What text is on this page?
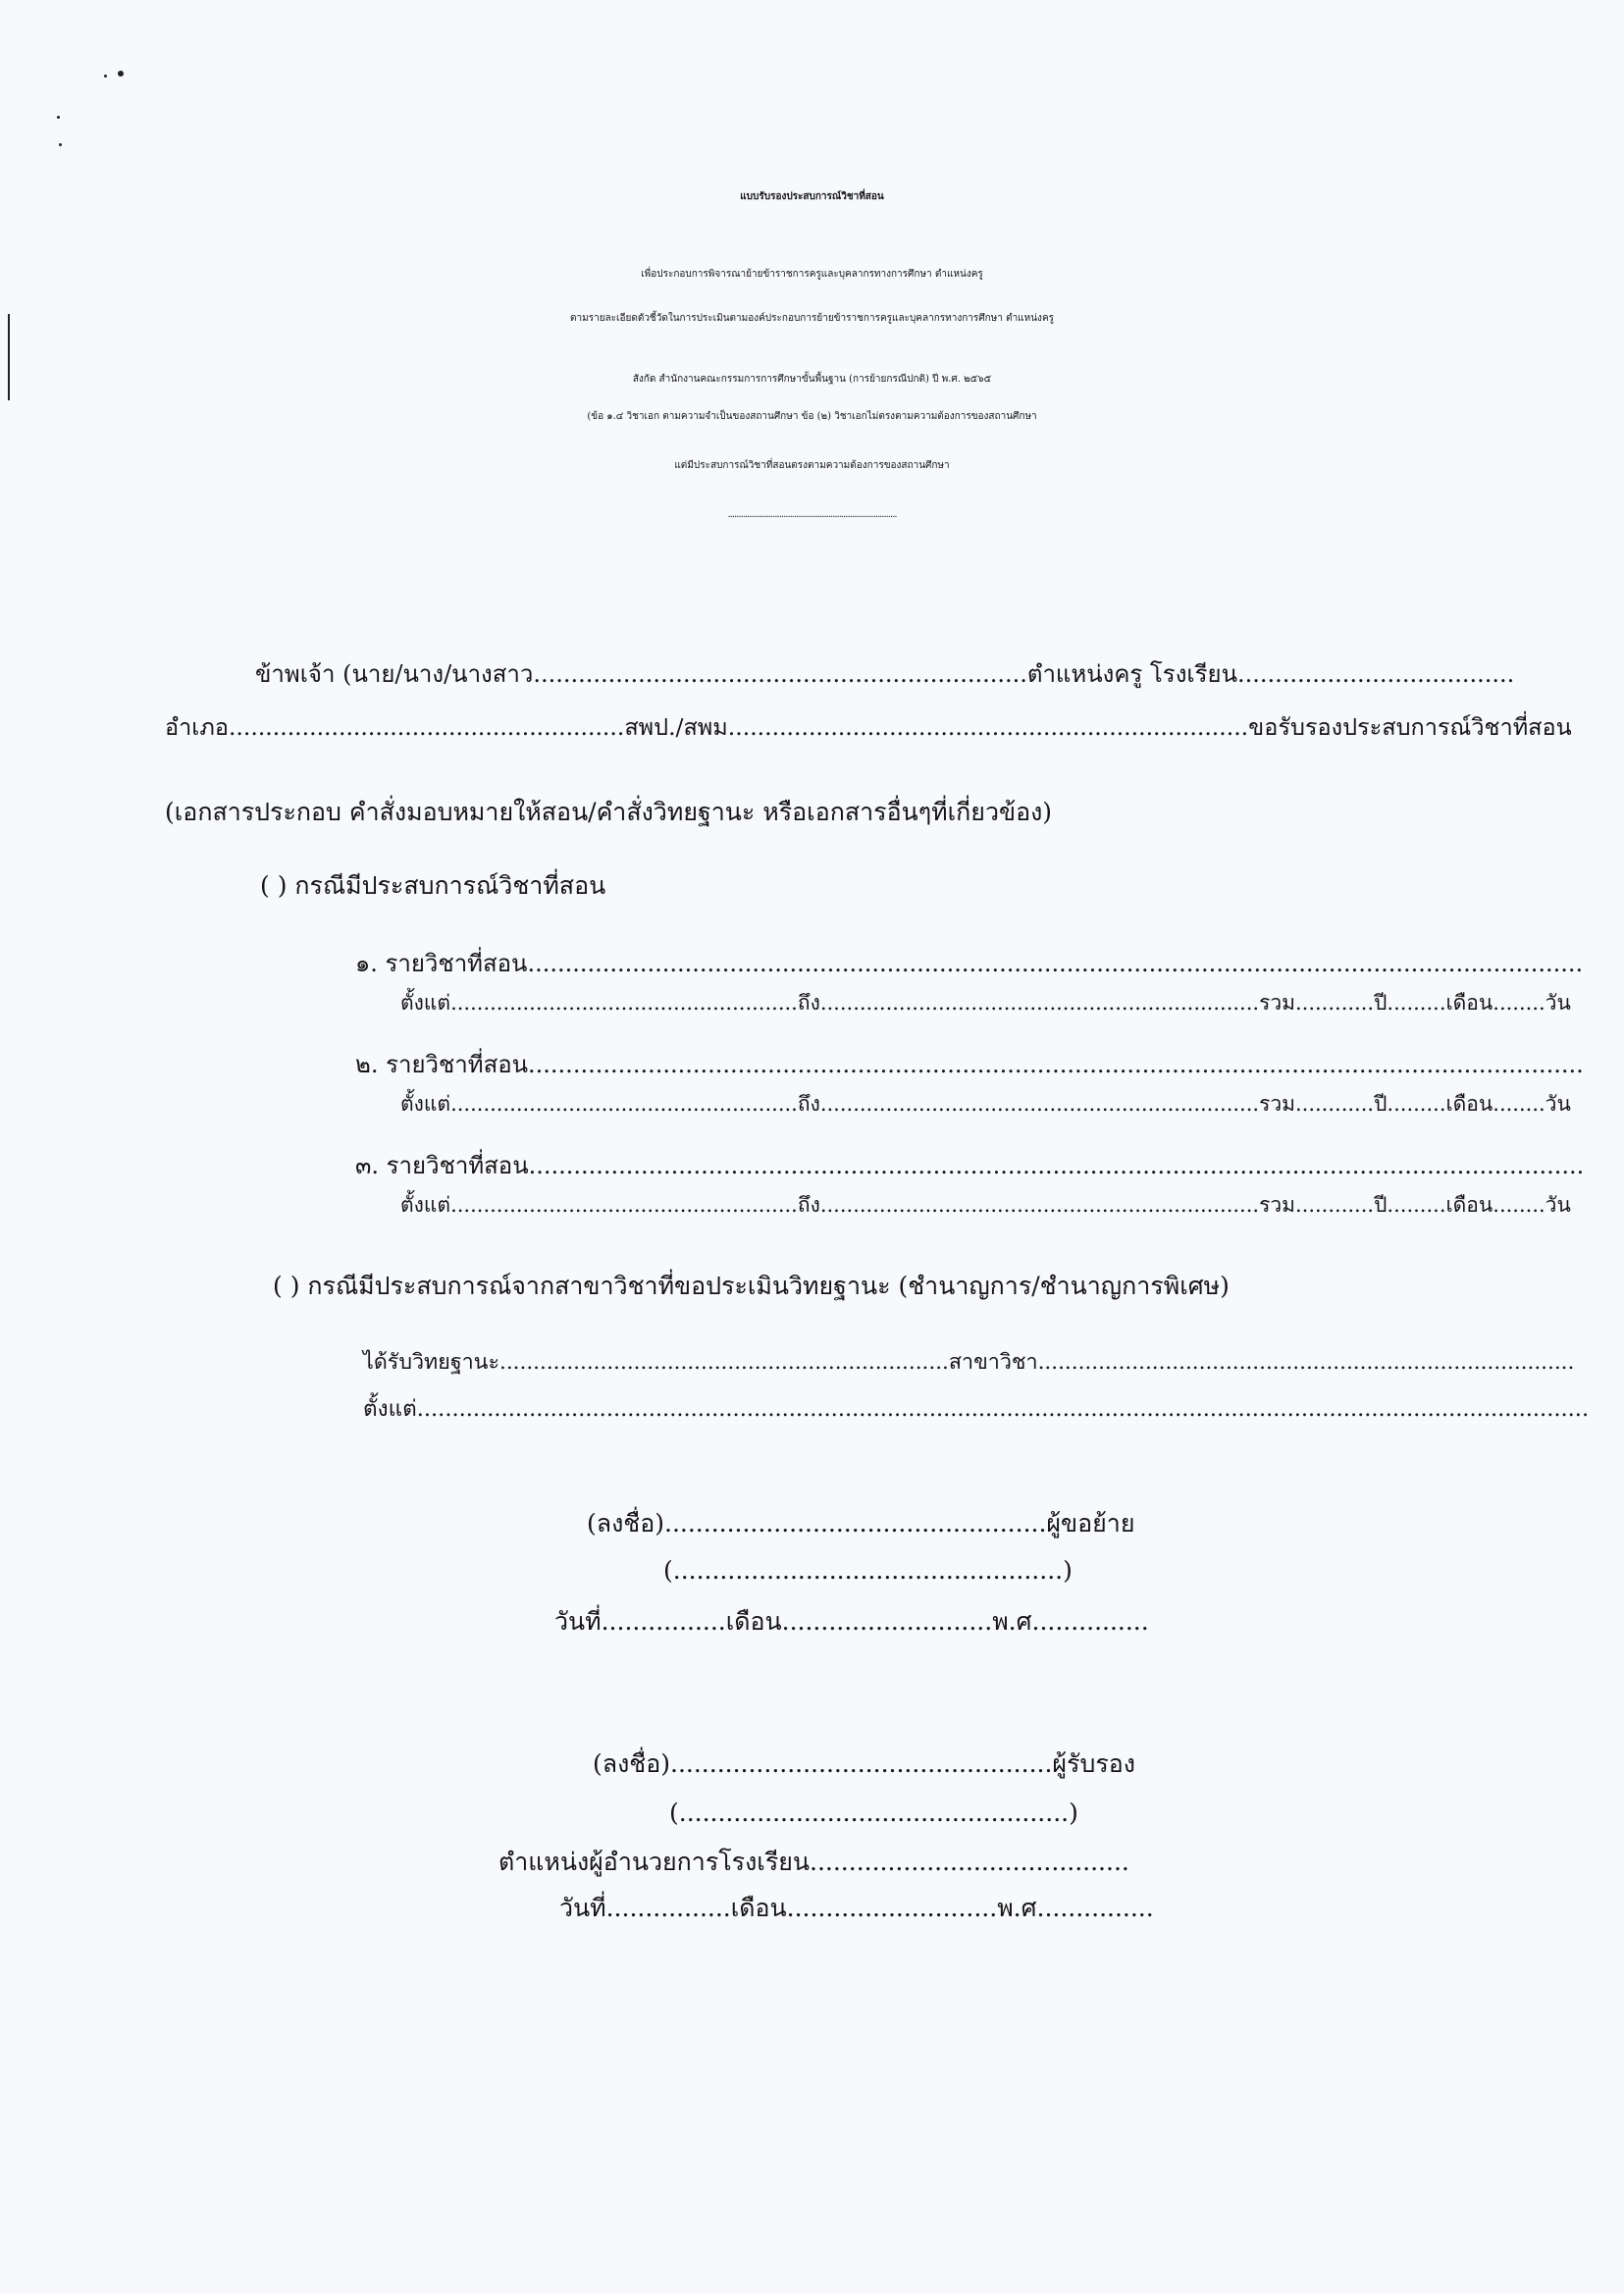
แบบรับรองประสบการณ์วิชาที่สอน
เพื่อประกอบการพิจารณาย้ายข้าราชการครูและบุคลากรทางการศึกษา ตำแหน่งครู
ตามรายละเอียดตัวชี้วัดในการประเมินตามองค์ประกอบการย้ายข้าราชการครูและบุคลากรทางการศึกษา ตำแหน่งครู
สังกัด สำนักงานคณะกรรมการการศึกษาขั้นพื้นฐาน (การย้ายกรณีปกติ) ปี พ.ศ. ๒๕๖๕
(ข้อ ๑.๔ วิชาเอก ตามความจำเป็นของสถานศึกษา ข้อ (๒) วิชาเอกไม่ตรงตามความต้องการของสถานศึกษา
แต่มีประสบการณ์วิชาที่สอนตรงตามความต้องการของสถานศึกษา
...............................................................................
ข้าพเจ้า (นาย/นาง/นางสาว..................................................................ตำแหน่งครู โรงเรียน.....................................
อำเภอ......................................................สพป./สพม.......................................................................ขอรับรองประสบการณ์วิชาที่สอน
(เอกสารประกอบ คำสั่งมอบหมายให้สอน/คำสั่งวิทยฐานะ หรือเอกสารอื่นๆที่เกี่ยวข้อง)
( ) กรณีมีประสบการณ์วิชาที่สอน
๑. รายวิชาที่สอน.............................................................................................................................................
ตั้งแต่.....................................................ถึง...................................................................รวม............ปี.........เดือน........วัน
๒. รายวิชาที่สอน.............................................................................................................................................
ตั้งแต่.....................................................ถึง...................................................................รวม............ปี.........เดือน........วัน
๓. รายวิชาที่สอน.............................................................................................................................................
ตั้งแต่.....................................................ถึง...................................................................รวม............ปี.........เดือน........วัน
( ) กรณีมีประสบการณ์จากสาขาวิชาที่ขอประเมินวิทยฐานะ (ชำนาญการ/ชำนาญการพิเศษ)
ได้รับวิทยฐานะ...................................................................สาขาวิชา................................................................................
ตั้งแต่.......................................................................................................................................................................
(ลงชื่อ).................................................ผู้ขอย้าย
(..................................................)
วันที่................เดือน...........................พ.ศ...............
(ลงชื่อ).................................................ผู้รับรอง
(..................................................)
ตำแหน่งผู้อำนวยการโรงเรียน.........................................
วันที่................เดือน...........................พ.ศ...............
